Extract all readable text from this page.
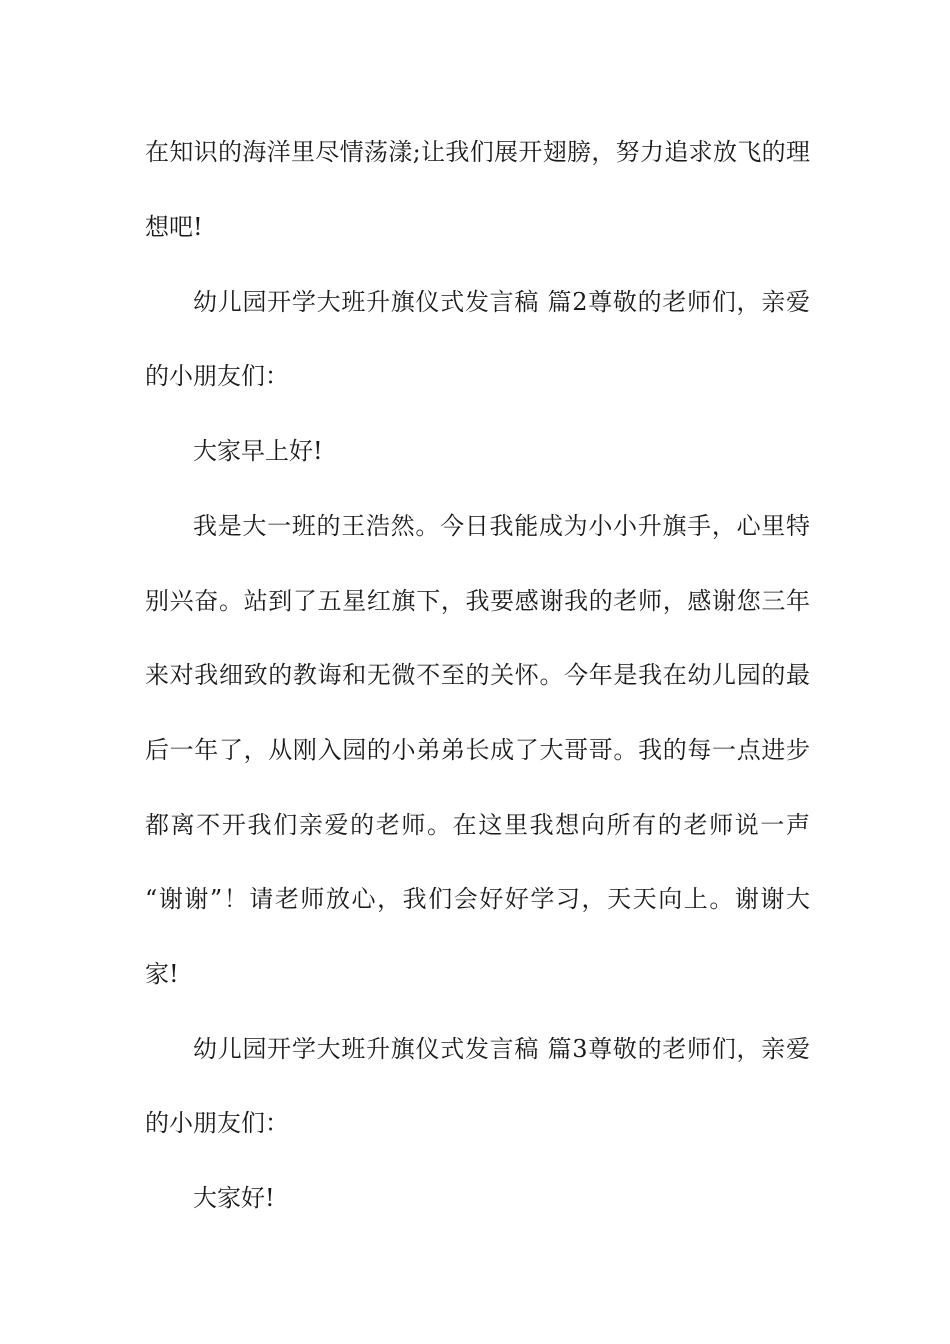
在知识的海洋里尽情荡漾;让我们展开翅膀，努力追求放飞的理
想吧!
幼儿园开学大班升旗仪式发言稿 篇2尊敬的老师们，亲爱
的小朋友们：
大家早上好!
我是大一班的王浩然。今日我能成为小小升旗手，心里特
别兴奋。站到了五星红旗下，我要感谢我的老师，感谢您三年
来对我细致的教诲和无微不至的关怀。今年是我在幼儿园的最
后一年了，从刚入园的小弟弟长成了大哥哥。我的每一点进步
都离不开我们亲爱的老师。在这里我想向所有的老师说一声
“谢谢”！请老师放心，我们会好好学习，天天向上。谢谢大
家!
幼儿园开学大班升旗仪式发言稿 篇3尊敬的老师们，亲爱
的小朋友们：
大家好!
